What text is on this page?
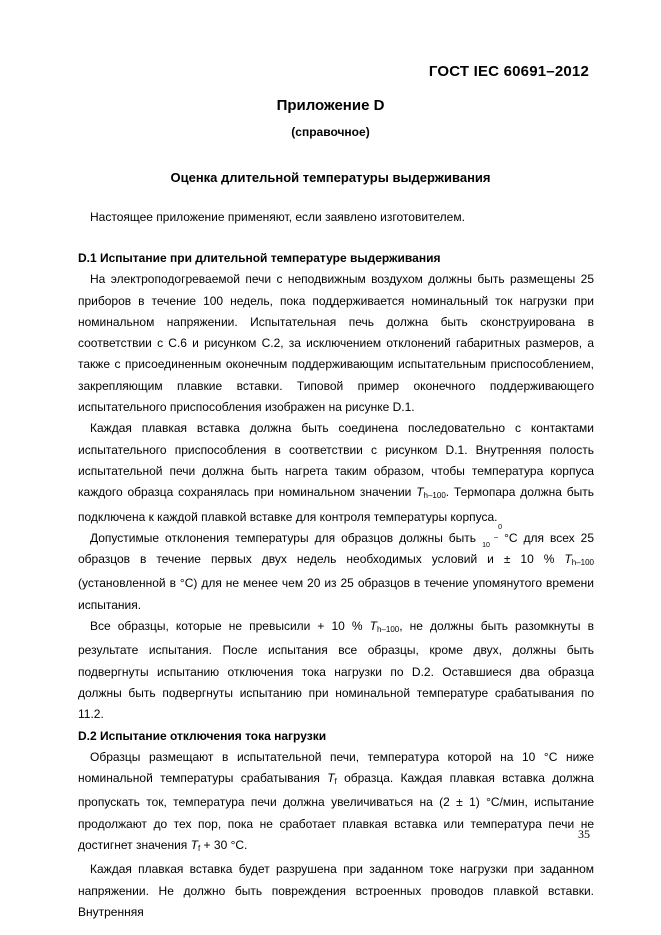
ГОСТ IEC 60691–2012
Приложение D
(справочное)
Оценка длительной температуры выдерживания

Настоящее приложение применяют, если заявлено изготовителем.

D.1 Испытание при длительной температуре выдерживания

На электроподогреваемой печи с неподвижным воздухом должны быть размещены 25 приборов в течение 100 недель, пока поддерживается номинальный ток нагрузки при номинальном напряжении. Испытательная печь должна быть сконструирована в соответствии с С.6 и рисунком С.2, за исключением отклонений габаритных размеров, а также с присоединенным оконечным поддерживающим испытательным приспособлением, закрепляющим плавкие вставки. Типовой пример оконечного поддерживающего испытательного приспособления изображен на рисунке D.1.

Каждая плавкая вставка должна быть соединена последовательно с контактами испытательного приспособления в соответствии с рисунком D.1. Внутренняя полость испытательной печи должна быть нагрета таким образом, чтобы температура корпуса каждого образца сохранялась при номинальном значении $T_{h-100}$. Термопара должна быть подключена к каждой плавкой вставке для контроля температуры корпуса.

Допустимые отклонения температуры для образцов должны быть
0
–10
°С для всех 25 образцов в течение первых двух недель необходимых условий и ± 10 % $T_{h-100}$ (установленной в °С) для не менее чем 20 из 25 образцов в течение упомянутого времени испытания.

Все образцы, которые не превысили + 10 % $T_{h-100}$, не должны быть разомкнуты в результате испытания. После испытания все образцы, кроме двух, должны быть подвергнуты испытанию отключения тока нагрузки по D.2. Оставшиеся два образца должны быть подвергнуты испытанию при номинальной температуре срабатывания по 11.2.

D.2 Испытание отключения тока нагрузки

Образцы размещают в испытательной печи, температура которой на 10 °С ниже номинальной температуры срабатывания $T_f$ образца. Каждая плавкая вставка должна пропускать ток, температура печи должна увеличиваться на (2 ± 1) °С/мин, испытание продолжают до тех пор, пока не сработает плавкая вставка или температура печи не достигнет значения $T_f + 30$ °С.

Каждая плавкая вставка будет разрушена при заданном токе нагрузки при заданном напряжении. Не должно быть повреждения встроенных проводов плавкой вставки. Внутренняя

35
